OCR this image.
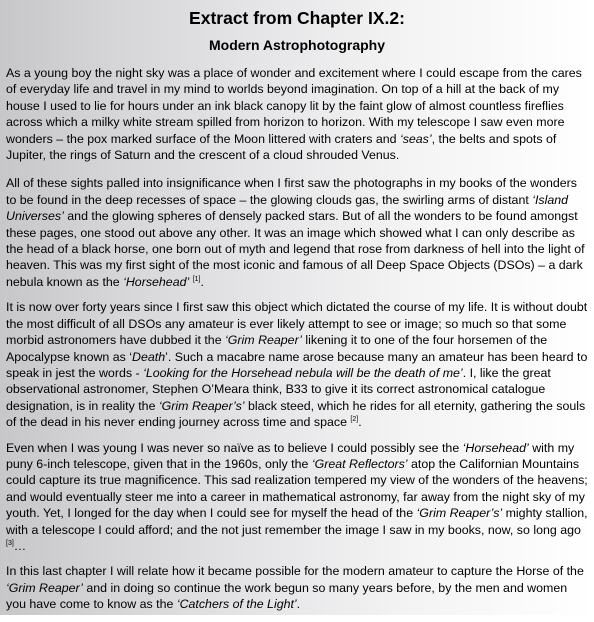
Extract from Chapter IX.2:
Modern Astrophotography

As a young boy the night sky was a place of wonder and excitement where I could escape from the cares of everyday life and travel in my mind to worlds beyond imagination. On top of a hill at the back of my house I used to lie for hours under an ink black canopy lit by the faint glow of almost countless fireflies across which a milky white stream spilled from horizon to horizon. With my telescope I saw even more wonders – the pox marked surface of the Moon littered with craters and ‘seas’, the belts and spots of Jupiter, the rings of Saturn and the crescent of a cloud shrouded Venus.

All of these sights palled into insignificance when I first saw the photographs in my books of the wonders to be found in the deep recesses of space – the glowing clouds gas, the swirling arms of distant ‘Island Universes’ and the glowing spheres of densely packed stars. But of all the wonders to be found amongst these pages, one stood out above any other. It was an image which showed what I can only describe as the head of a black horse, one born out of myth and legend that rose from darkness of hell into the light of heaven. This was my first sight of the most iconic and famous of all Deep Space Objects (DSOs) – a dark nebula known as the ‘Horsehead’ [1].

It is now over forty years since I first saw this object which dictated the course of my life. It is without doubt the most difficult of all DSOs any amateur is ever likely attempt to see or image; so much so that some morbid astronomers have dubbed it the ‘Grim Reaper’ likening it to one of the four horsemen of the Apocalypse known as ‘Death’. Such a macabre name arose because many an amateur has been heard to speak in jest the words - ‘Looking for the Horsehead nebula will be the death of me’. I, like the great observational astronomer, Stephen O’Meara think, B33 to give it its correct astronomical catalogue designation, is in reality the ‘Grim Reaper’s’ black steed, which he rides for all eternity, gathering the souls of the dead in his never ending journey across time and space [2].

Even when I was young I was never so naïve as to believe I could possibly see the ‘Horsehead’ with my puny 6-inch telescope, given that in the 1960s, only the ‘Great Reflectors’ atop the Californian Mountains could capture its true magnificence. This sad realization tempered my view of the wonders of the heavens; and would eventually steer me into a career in mathematical astronomy, far away from the night sky of my youth. Yet, I longed for the day when I could see for myself the head of the ‘Grim Reaper’s’ mighty stallion, with a telescope I could afford; and the not just remember the image I saw in my books, now, so long ago [3]…

In this last chapter I will relate how it became possible for the modern amateur to capture the Horse of the ‘Grim Reaper’ and in doing so continue the work begun so many years before, by the men and women you have come to know as the ‘Catchers of the Light’.
